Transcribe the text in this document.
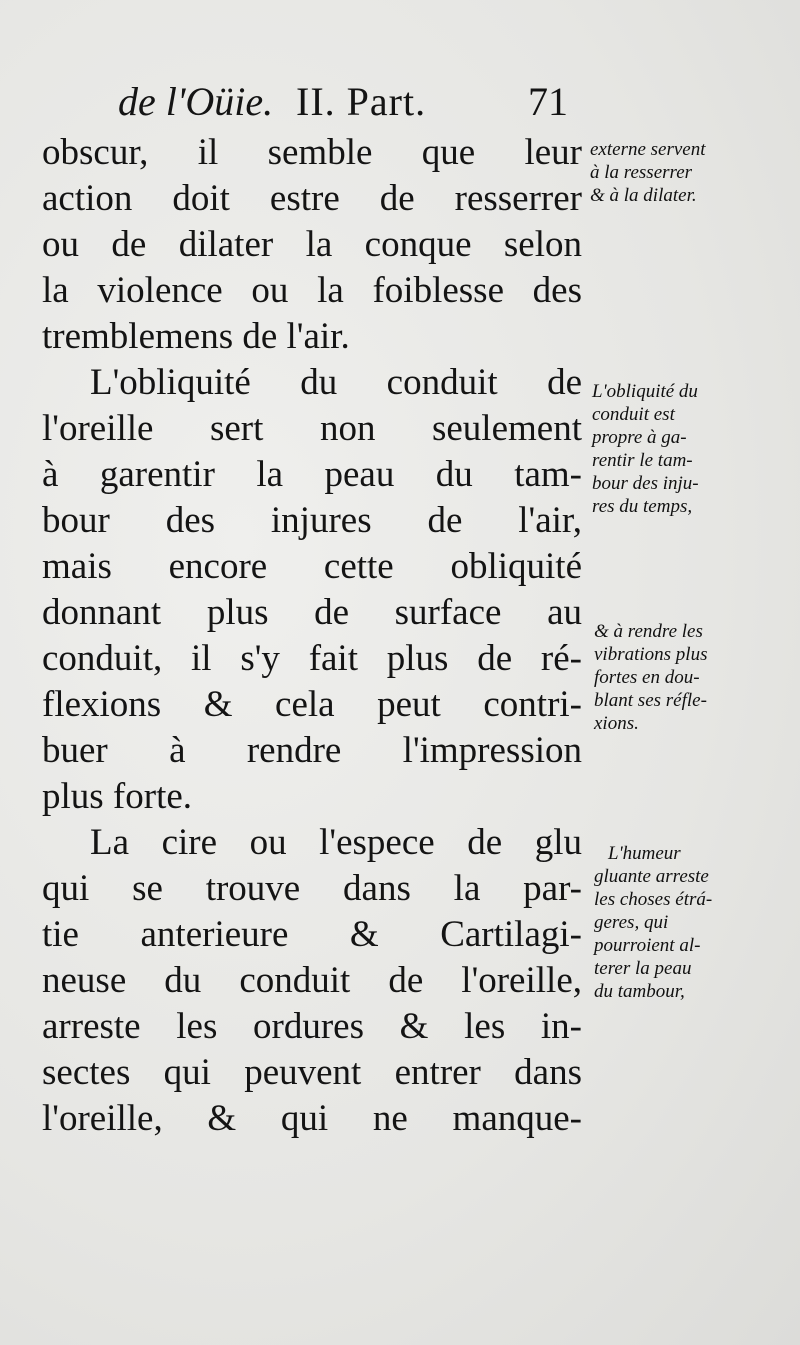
de l'Oüie. II. Part.	71
obscur, il semble que leur
action doit estre de resserrer
ou de dilater la conque selon
la violence ou la foiblesse des
tremblemens de l'air.
L'obliquité du conduit de
l'oreille sert non seulement
à garentir la peau du tam-
bour des injures de l'air,
mais encore cette obliquité
donnant plus de surface au
conduit, il s'y fait plus de ré-
flexions & cela peut contri-
buer à rendre l'impression
plus forte.
La cire ou l'espece de glu
qui se trouve dans la par-
tie anterieure & Cartilagi-
neuse du conduit de l'oreille,
arreste les ordures & les in-
sectes qui peuvent entrer dans
l'oreille, & qui ne manque-
externe servent
à la resserrer
& à la dilater.
L'obliquité du
conduit est
propre à ga-
rentir le tam-
bour des inju-
res du temps,
& à rendre les
vibrations plus
fortes en dou-
blant ses réfle-
xions.
L'humeur
gluante arreste
les choses étrá-
geres, qui
pourroient al-
terer la peau
du tambour,
